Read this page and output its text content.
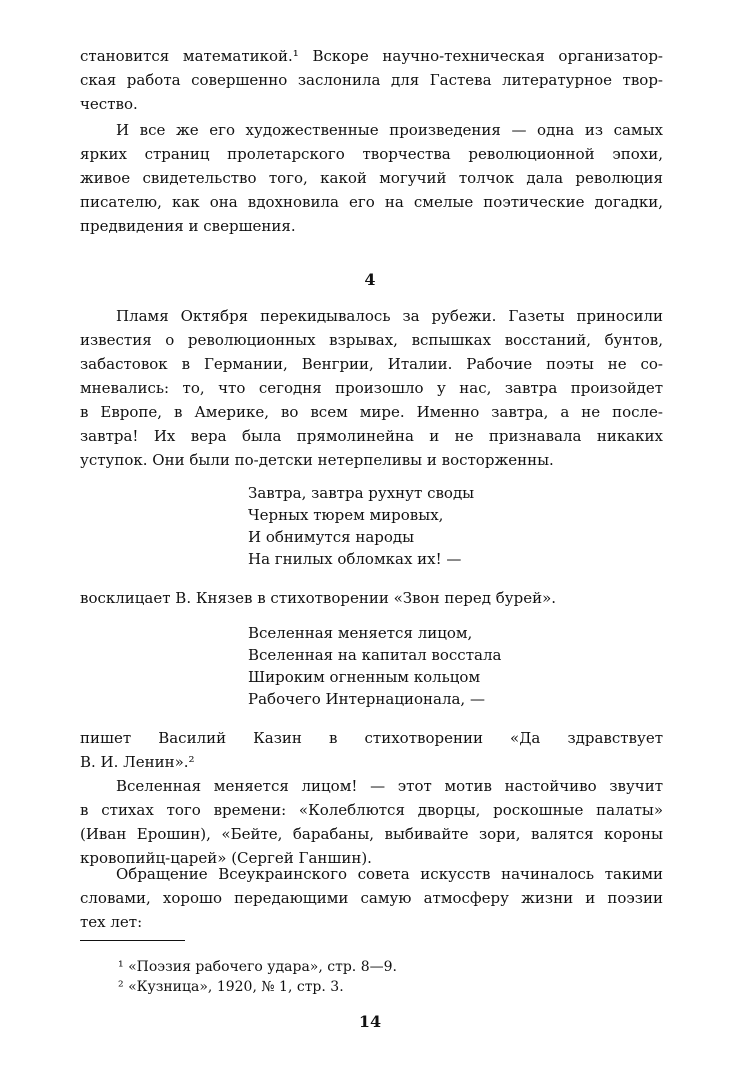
становится математикой.¹ Вскоре научно-техническая организатор-
ская работа совершенно заслонила для Гастева литературное твор-
чество.
И все же его художественные произведения — одна из самых
ярких страниц пролетарского творчества революционной эпохи,
живое свидетельство того, какой могучий толчок дала революция
писателю, как она вдохновила его на смелые поэтические догадки,
предвидения и свершения.
4
Пламя Октября перекидывалось за рубежи. Газеты приносили
известия о революционных взрывах, вспышках восстаний, бунтов,
забастовок в Германии, Венгрии, Италии. Рабочие поэты не со-
мневались: то, что сегодня произошло у нас, завтра произойдет
в Европе, в Америке, во всем мире. Именно завтра, а не после-
завтра! Их вера была прямолинейна и не признавала никаких
уступок. Они были по-детски нетерпеливы и восторженны.
Завтра, завтра рухнут своды
Черных тюрем мировых,
И обнимутся народы
На гнилых обломках их! —
восклицает В. Князев в стихотворении «Звон перед бурей».
Вселенная меняется лицом,
Вселенная на капитал восстала
Широким огненным кольцом
Рабочего Интернационала, —
пишет Василий Казин в стихотворении «Да здравствует
В. И. Ленин».²
Вселенная меняется лицом! — этот мотив настойчиво звучит
в стихах того времени: «Колеблются дворцы, роскошные палаты»
(Иван Ерошин), «Бейте, барабаны, выбивайте зори, валятся короны
кровопийц-царей» (Сергей Ганшин).
Обращение Всеукраинского совета искусств начиналось такими
словами, хорошо передающими самую атмосферу жизни и поэзии
тех лет:
¹ «Поэзия рабочего удара», стр. 8—9.
² «Кузница», 1920, № 1, стр. 3.
14
